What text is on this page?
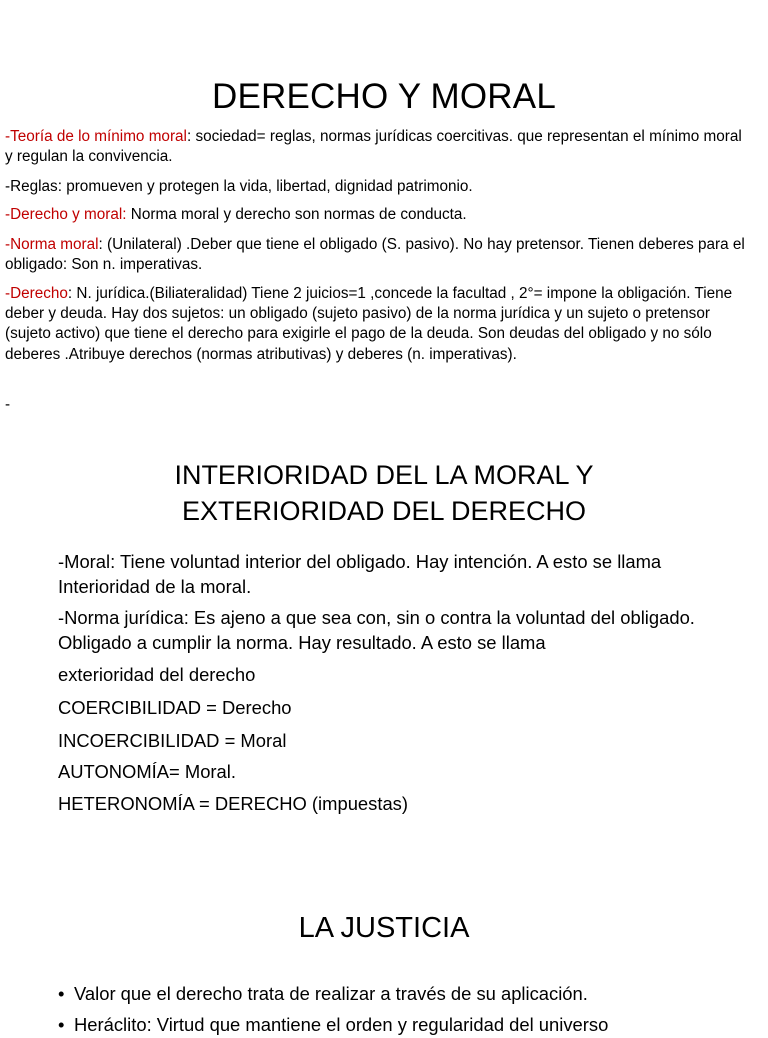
DERECHO Y MORAL

-Teoría de lo mínimo moral: sociedad= reglas, normas jurídicas coercitivas. que representan el mínimo moral y regulan la convivencia.

-Reglas: promueven y protegen la vida, libertad, dignidad patrimonio.

-Derecho y moral: Norma moral y derecho son normas de conducta.

-Norma moral: (Unilateral) .Deber que tiene el obligado (S. pasivo). No hay pretensor. Tienen deberes para el obligado: Son n. imperativas.

-Derecho: N. jurídica.(Biliateralidad) Tiene 2 juicios=1 ,concede la facultad , 2°= impone la obligación. Tiene deber y deuda. Hay dos sujetos: un obligado (sujeto pasivo) de la norma jurídica y un sujeto o pretensor (sujeto activo) que tiene el derecho para exigirle el pago de la deuda. Son deudas del obligado y no sólo deberes .Atribuye derechos (normas atributivas) y deberes (n. imperativas).

-

INTERIORIDAD DEL LA MORAL Y
EXTERIORIDAD DEL DERECHO

-Moral: Tiene voluntad interior del obligado. Hay intención. A esto se llama Interioridad de la moral.

-Norma jurídica: Es ajeno a que sea con, sin o contra la voluntad del obligado. Obligado a cumplir la norma. Hay resultado. A esto se llama

exterioridad del derecho

COERCIBILIDAD = Derecho

INCOERCIBILIDAD = Moral

AUTONOMÍA= Moral.

HETERONOMÍA = DERECHO (impuestas)

LA JUSTICIA

• Valor que el derecho trata de realizar a través de su aplicación.

• Heráclito: Virtud que mantiene el orden y regularidad del universo
